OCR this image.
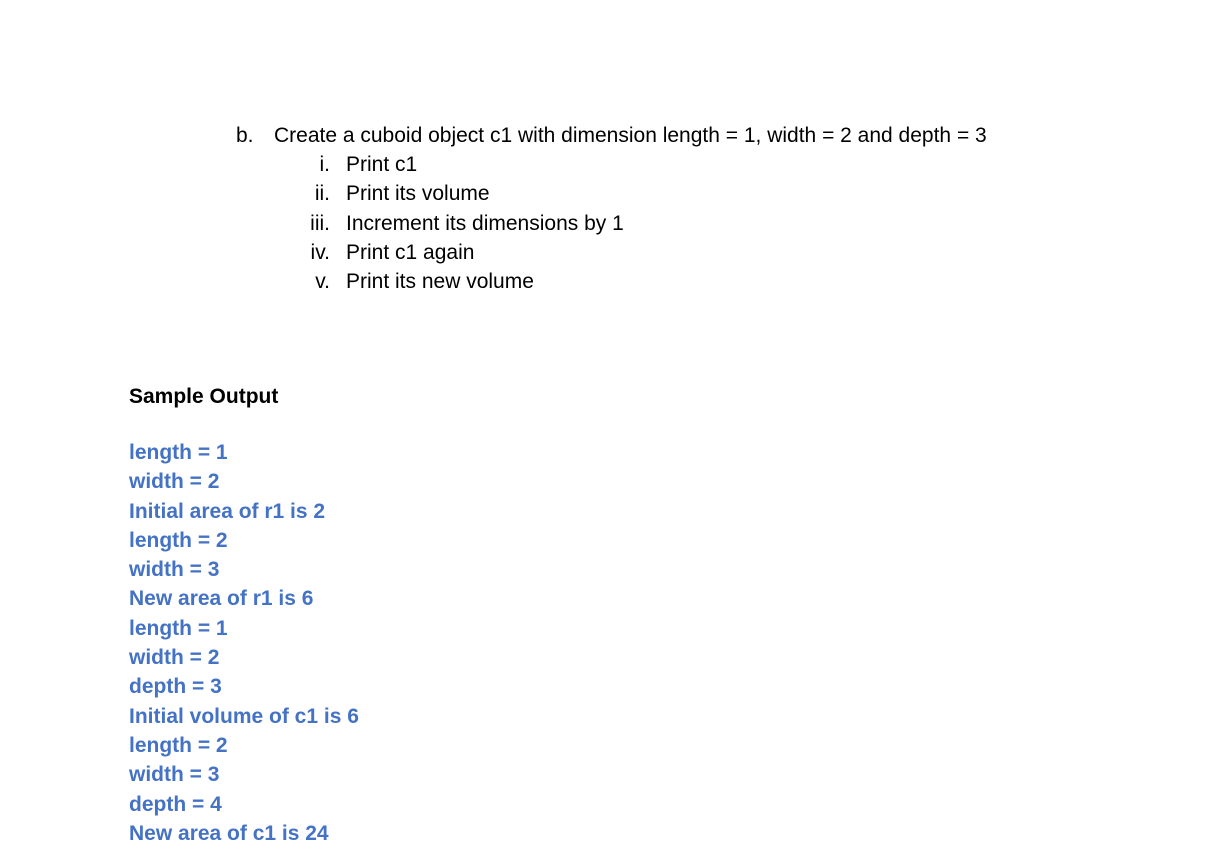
b. Create a cuboid object c1 with dimension length = 1, width = 2 and depth = 3
i. Print c1
ii. Print its volume
iii. Increment its dimensions by 1
iv. Print c1 again
v. Print its new volume
Sample Output
length = 1
width = 2
Initial area of r1 is 2
length = 2
width = 3
New area of r1 is 6
length = 1
width = 2
depth = 3
Initial volume of c1 is 6
length = 2
width = 3
depth = 4
New area of c1 is 24
